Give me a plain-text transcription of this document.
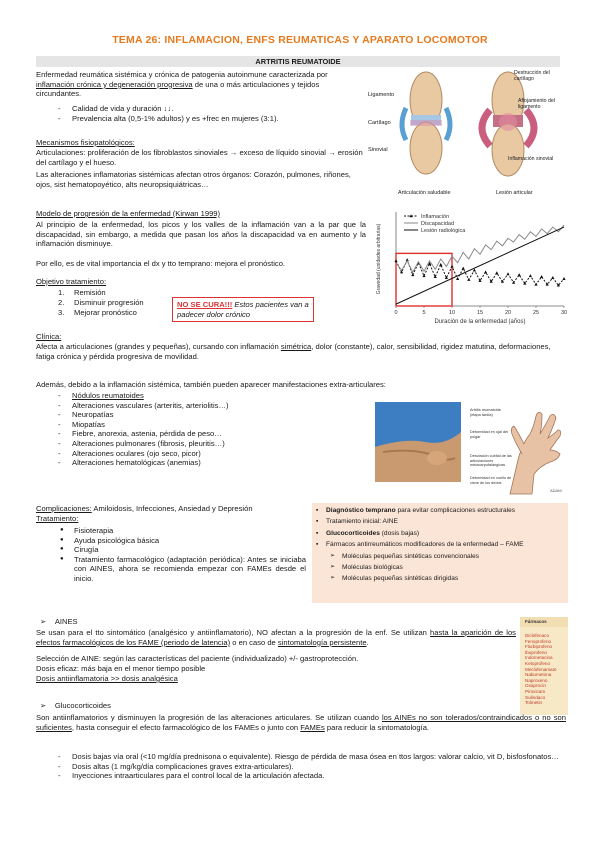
TEMA 26: INFLAMACION, ENFS REUMATICAS Y APARATO LOCOMOTOR
ARTRITIS REUMATOIDE
Enfermedad reumática sistémica y crónica de patogenia autoinmune caracterizada por inflamación crónica y degeneración progresiva de una o más articulaciones y tejidos circundantes.
- Calidad de vida y duración ↓↓.
- Prevalencia alta (0,5-1% adultos) y es +frec en mujeres (3:1).
Mecanismos fisiopatológicos:
Articulaciones: proliferación de los fibroblastos sinoviales → exceso de líquido sinovial → erosión del cartílago y el hueso.
Las alteraciones inflamatorias sistémicas afectan otros órganos: Corazón, pulmones, riñones, ojos, sist hematopoyético, alts neuropsiquiátricas…
Ligamento
Cartílago
Sinovial
Destrucción del cartílago
Aflojamiento del ligamento
Inflamación sinovial
Articulación saludable	Lesión articular
Modelo de progresión de la enfermedad (Kirwan 1999)
Al principio de la enfermedad, los picos y los valles de la inflamación van a la par que la discapacidad, sin embargo, a medida que pasan los años la discapacidad va en aumento y la inflamación disminuye.
Por ello, es de vital importancia el dx y tto temprano: mejora el pronóstico.
Objetivo tratamiento:
1. Remisión
2. Disminuir progresión
3. Mejorar pronóstico
NO SE CURA!!! Estos pacientes van a padecer dolor crónico	0	5	10	15	20	25	30
Duración de la enfermedad (años)
Gravedad (unidades arbitrarias)
Inflamación
Discapacidad
Lesión radiológica
Clínica:
Afecta a articulaciones (grandes y pequeñas), cursando con inflamación simétrica, dolor (constante), calor, sensibilidad, rigidez matutina, deformaciones, fatiga crónica y pérdida progresiva de movilidad.
Además, debido a la inflamación sistémica, también pueden aparecer manifestaciones extra-articulares:
- Nódulos reumatoides
- Alteraciones vasculares (arteritis, arteriolitis…)
- Neuropatías
- Miopatías
- Fiebre, anorexia, astenia, pérdida de peso…
- Alteraciones pulmonares (fibrosis, pleuritis…)
- Alteraciones oculares (ojo seco, picor)
- Alteraciones hematológicas (anemias)
Artritis reumatoide (etapa tardía)
Deformidad en ojal del pulgar
Desviación cubital de las articulaciones metacarpofalángicas
Deformidad en cuello de cisne de los dedos
ADAM.
Complicaciones: Amiloidosis, Infecciones, Ansiedad y Depresión
Tratamiento:
● Fisioterapia
● Ayuda psicológica básica
● Cirugía
● Tratamiento farmacológico (adaptación periódica): Antes se iniciaba con AINES, ahora se recomienda empezar con FAMEs desde el inicio.
▪ Diagnóstico temprano para evitar complicaciones estructurales
▪ Tratamiento inicial: AINE
▪ Glucocorticoides (dosis bajas)
▪ Fármacos antirreumáticos modificadores de la enfermedad – FAME
➢ Moléculas pequeñas sintéticas convencionales
➢ Moléculas biológicas
➢ Moléculas pequeñas sintéticas dirigidas
➢    AINES
Se usan para el tto sintomático (analgésico y antiinflamatorio), NO afectan a la progresión de la enf. Se utilizan hasta la aparición de los efectos farmacológicos de los FAME (periodo de latencia) o en caso de sintomatología persistente.
Selección de AINE: según las características del paciente (individualizado) +/- gastroprotección.
Dosis eficaz: más baja en el menor tiempo posible
Dosis antiinflamatoria >> dosis analgésica
Fármacos
Diclofenaco
Fenoprofeno
Flurbiprofeno
Ibuprofeno
Indometacina
Ketoprofeno
Meclofenamato
Nabumetona
Naproxeno
Oxaprocin
Piroxicam
Sulindaco
Tolmetin
➢    Glucocorticoides
Son antiinflamatorios y disminuyen la progresión de las alteraciones articulares. Se utilizan cuando los AINEs no son tolerados/contraindicados o no son suficientes, hasta conseguir el efecto farmacológico de los FAMEs o junto con FAMEs para reducir la sintomatología.
- Dosis bajas vía oral (<10 mg/día prednisona o equivalente). Riesgo de pérdida de masa ósea en ttos largos: valorar calcio, vit D, bisfosfonatos…
- Dosis altas (1 mg/kg/día complicaciones graves extra-articulares).
- Inyecciones intraarticulares para el control local de la articulación afectada.
